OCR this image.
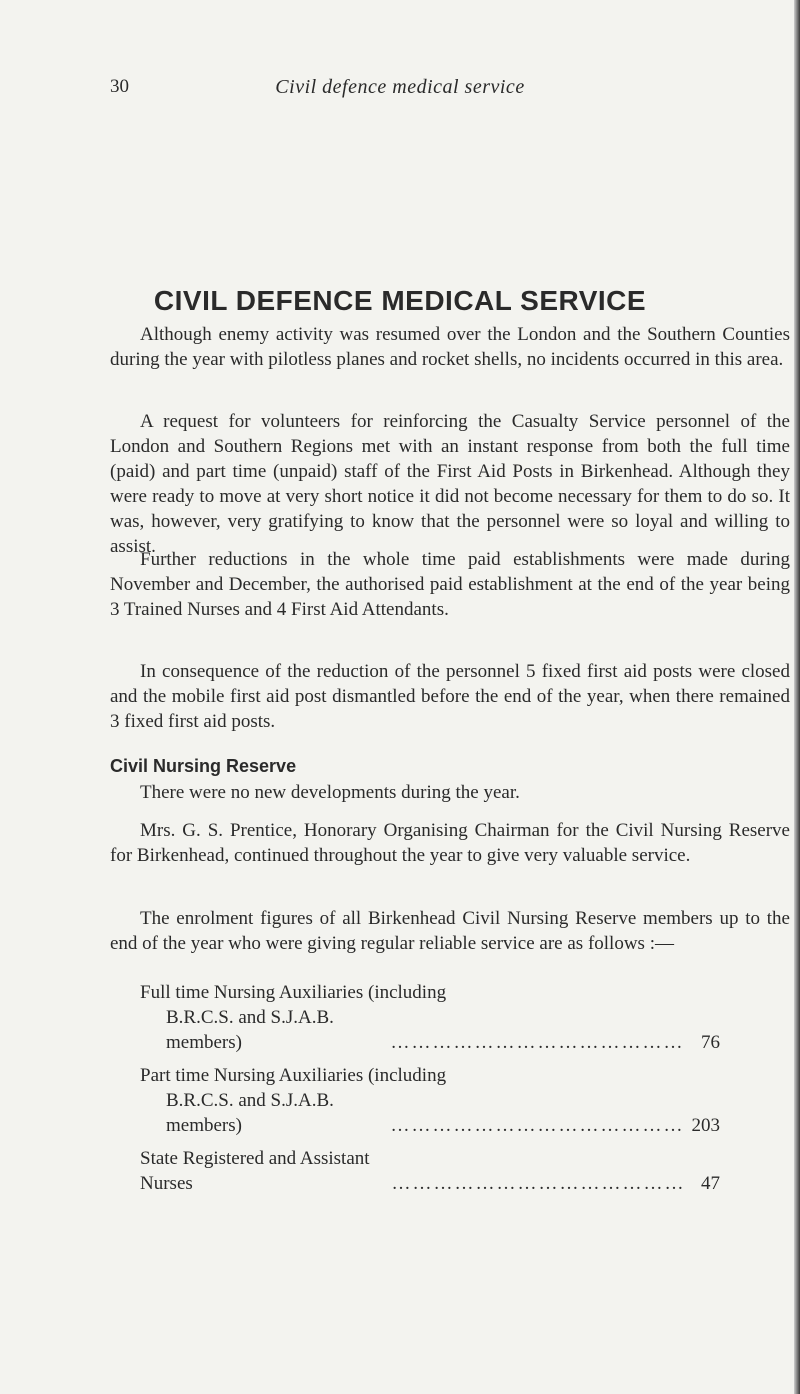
30	Civil defence medical service
CIVIL DEFENCE MEDICAL SERVICE

Although enemy activity was resumed over the London and the Southern Counties during the year with pilotless planes and rocket shells, no incidents occurred in this area.

A request for volunteers for reinforcing the Casualty Service personnel of the London and Southern Regions met with an instant response from both the full time (paid) and part time (unpaid) staff of the First Aid Posts in Birkenhead. Although they were ready to move at very short notice it did not become necessary for them to do so. It was, however, very gratifying to know that the personnel were so loyal and willing to assist.

Further reductions in the whole time paid establishments were made during November and December, the authorised paid establishment at the end of the year being 3 Trained Nurses and 4 First Aid Attendants.

In consequence of the reduction of the personnel 5 fixed first aid posts were closed and the mobile first aid post dismantled before the end of the year, when there remained 3 fixed first aid posts.

Civil Nursing Reserve

There were no new developments during the year.

Mrs. G. S. Prentice, Honorary Organising Chairman for the Civil Nursing Reserve for Birkenhead, continued throughout the year to give very valuable service.

The enrolment figures of all Birkenhead Civil Nursing Reserve members up to the end of the year who were giving regular reliable service are as follows :—

Full time Nursing Auxiliaries (including
B.R.C.S. and S.J.A.B. members)	…………………………………… 76
Part time Nursing Auxiliaries (including
B.R.C.S. and S.J.A.B. members)	…………………………………… 203
State Registered and Assistant Nurses	…………………………………… 47
